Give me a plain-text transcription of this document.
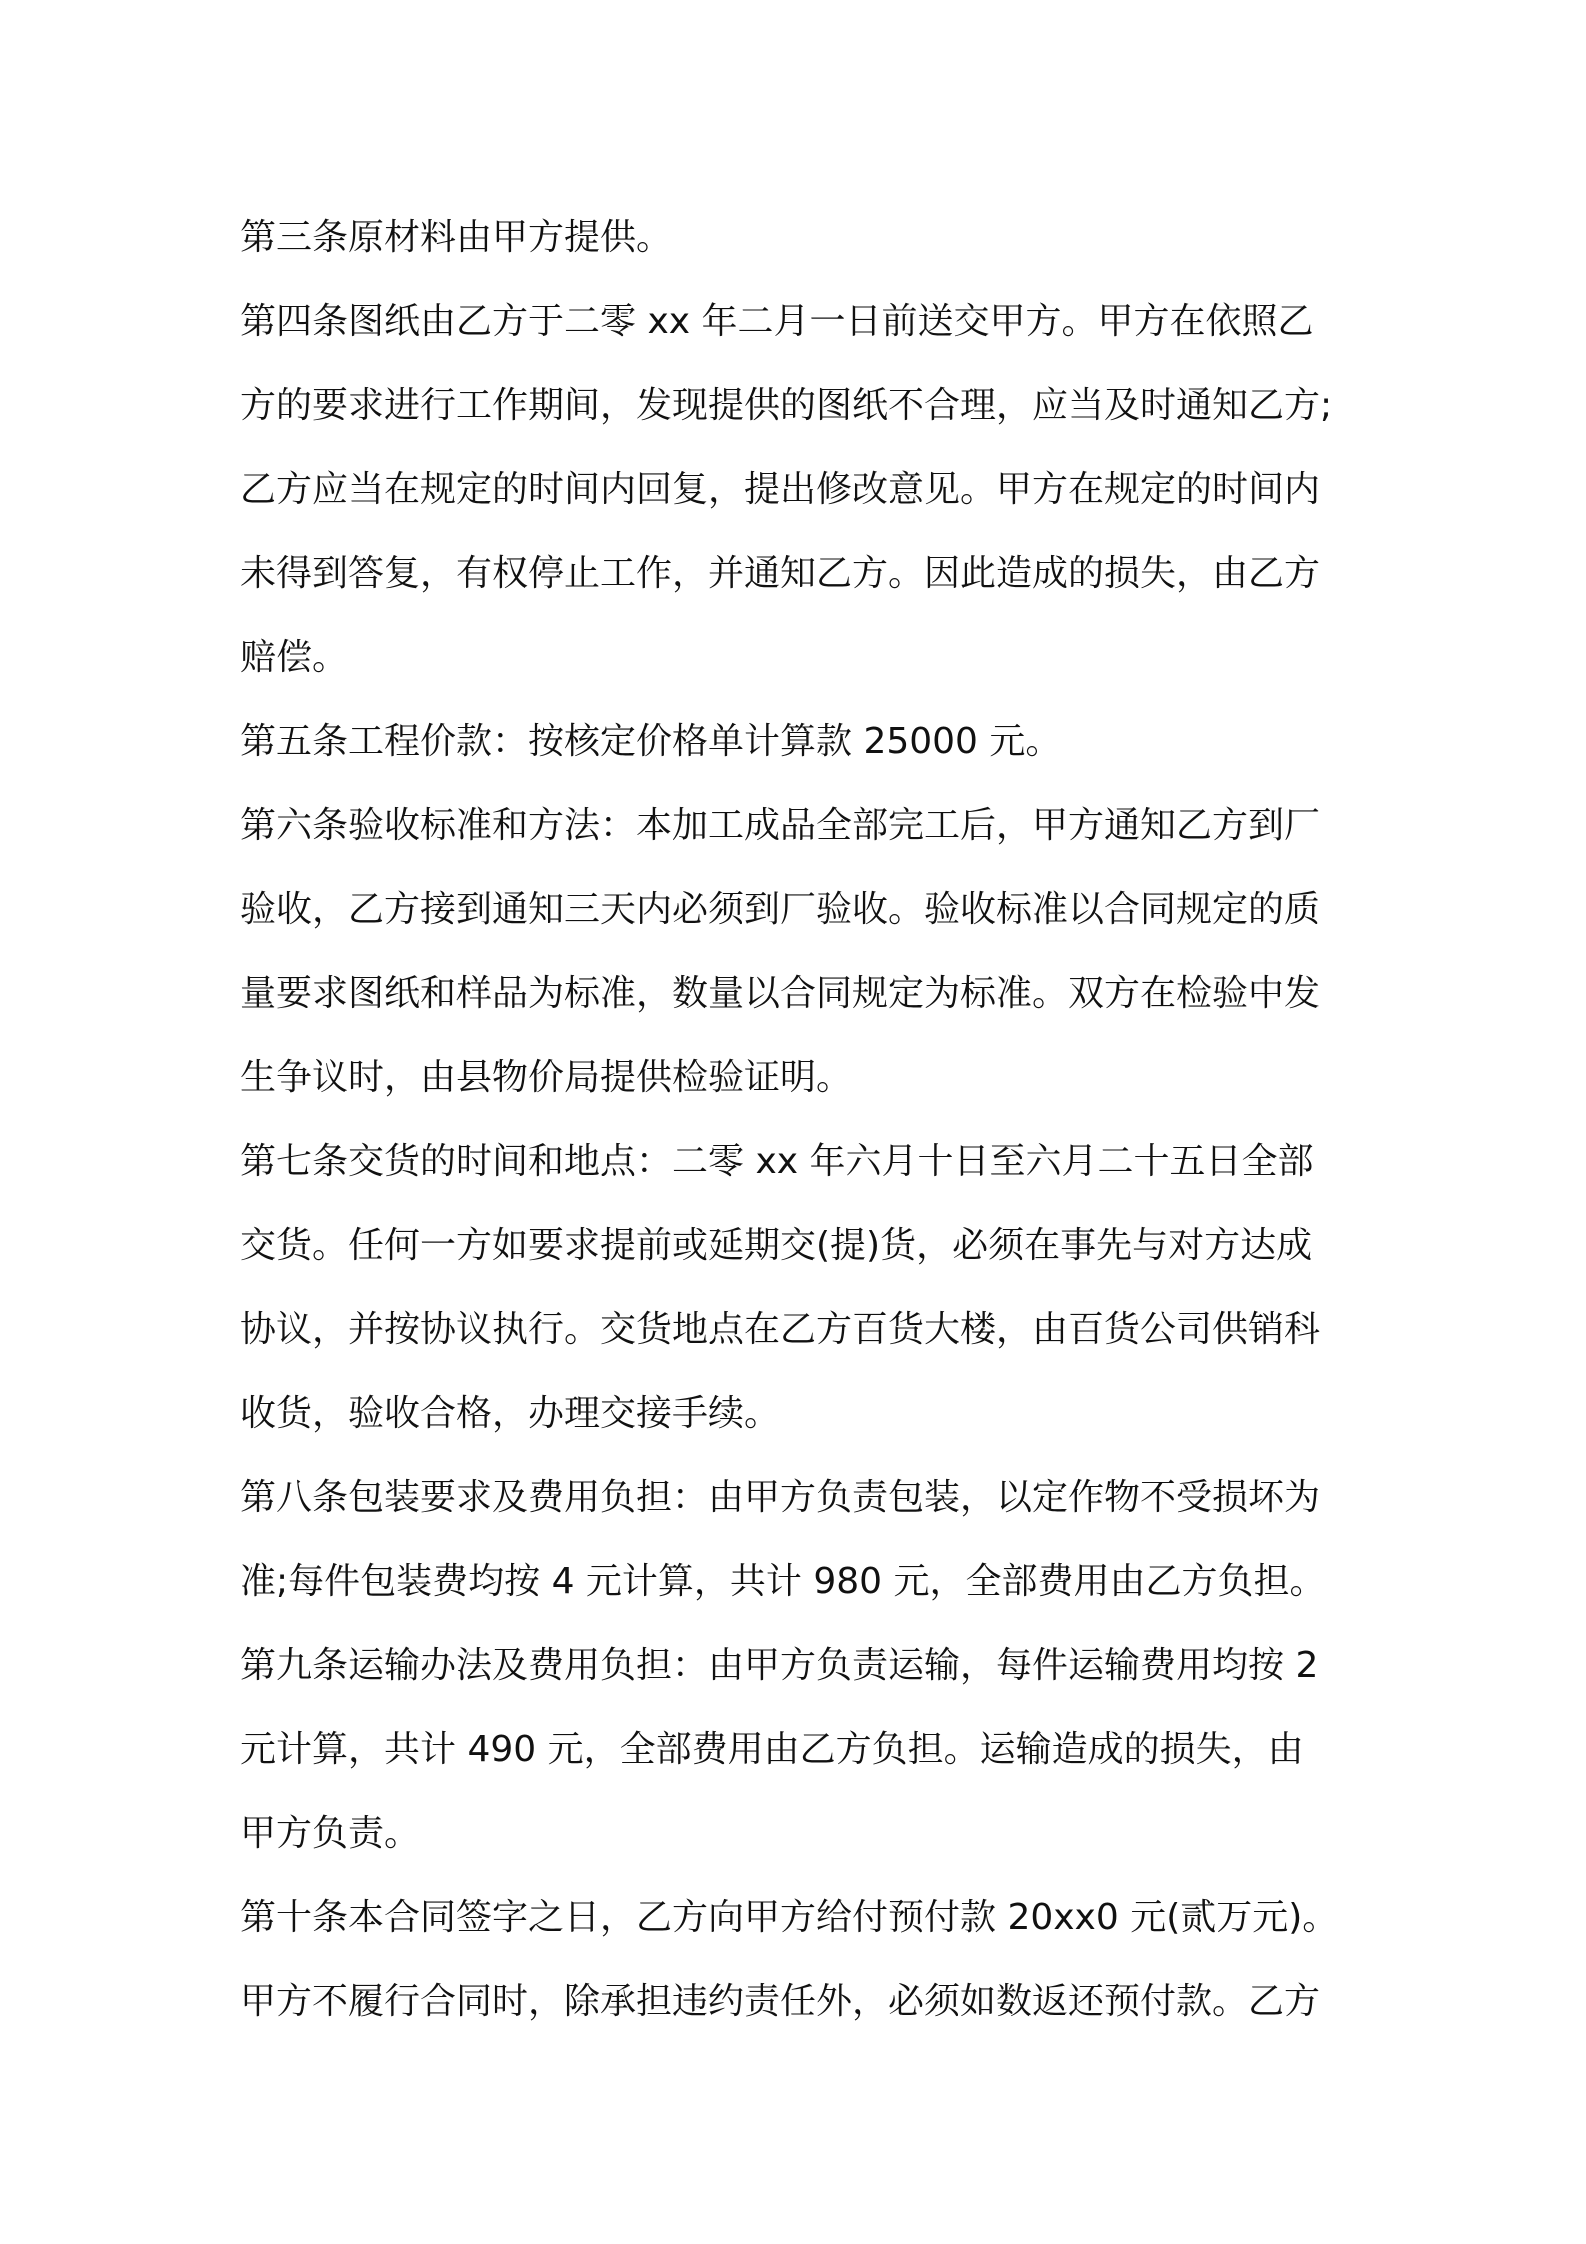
第三条原材料由甲方提供。

第四条图纸由乙方于二零 xx 年二月一日前送交甲方。甲方在依照乙
方的要求进行工作期间，发现提供的图纸不合理，应当及时通知乙方;
乙方应当在规定的时间内回复，提出修改意见。甲方在规定的时间内
未得到答复，有权停止工作，并通知乙方。因此造成的损失，由乙方
赔偿。

第五条工程价款：按核定价格单计算款 25000 元。

第六条验收标准和方法：本加工成品全部完工后，甲方通知乙方到厂
验收，乙方接到通知三天内必须到厂验收。验收标准以合同规定的质
量要求图纸和样品为标准，数量以合同规定为标准。双方在检验中发
生争议时，由县物价局提供检验证明。

第七条交货的时间和地点：二零 xx 年六月十日至六月二十五日全部
交货。任何一方如要求提前或延期交(提)货，必须在事先与对方达成
协议，并按协议执行。交货地点在乙方百货大楼，由百货公司供销科
收货，验收合格，办理交接手续。

第八条包装要求及费用负担：由甲方负责包装，以定作物不受损坏为
准;每件包装费均按 4 元计算，共计 980 元，全部费用由乙方负担。

第九条运输办法及费用负担：由甲方负责运输，每件运输费用均按 2
元计算，共计 490 元，全部费用由乙方负担。运输造成的损失，由
甲方负责。

第十条本合同签字之日，乙方向甲方给付预付款 20xx0 元(贰万元)。
甲方不履行合同时，除承担违约责任外，必须如数返还预付款。乙方
